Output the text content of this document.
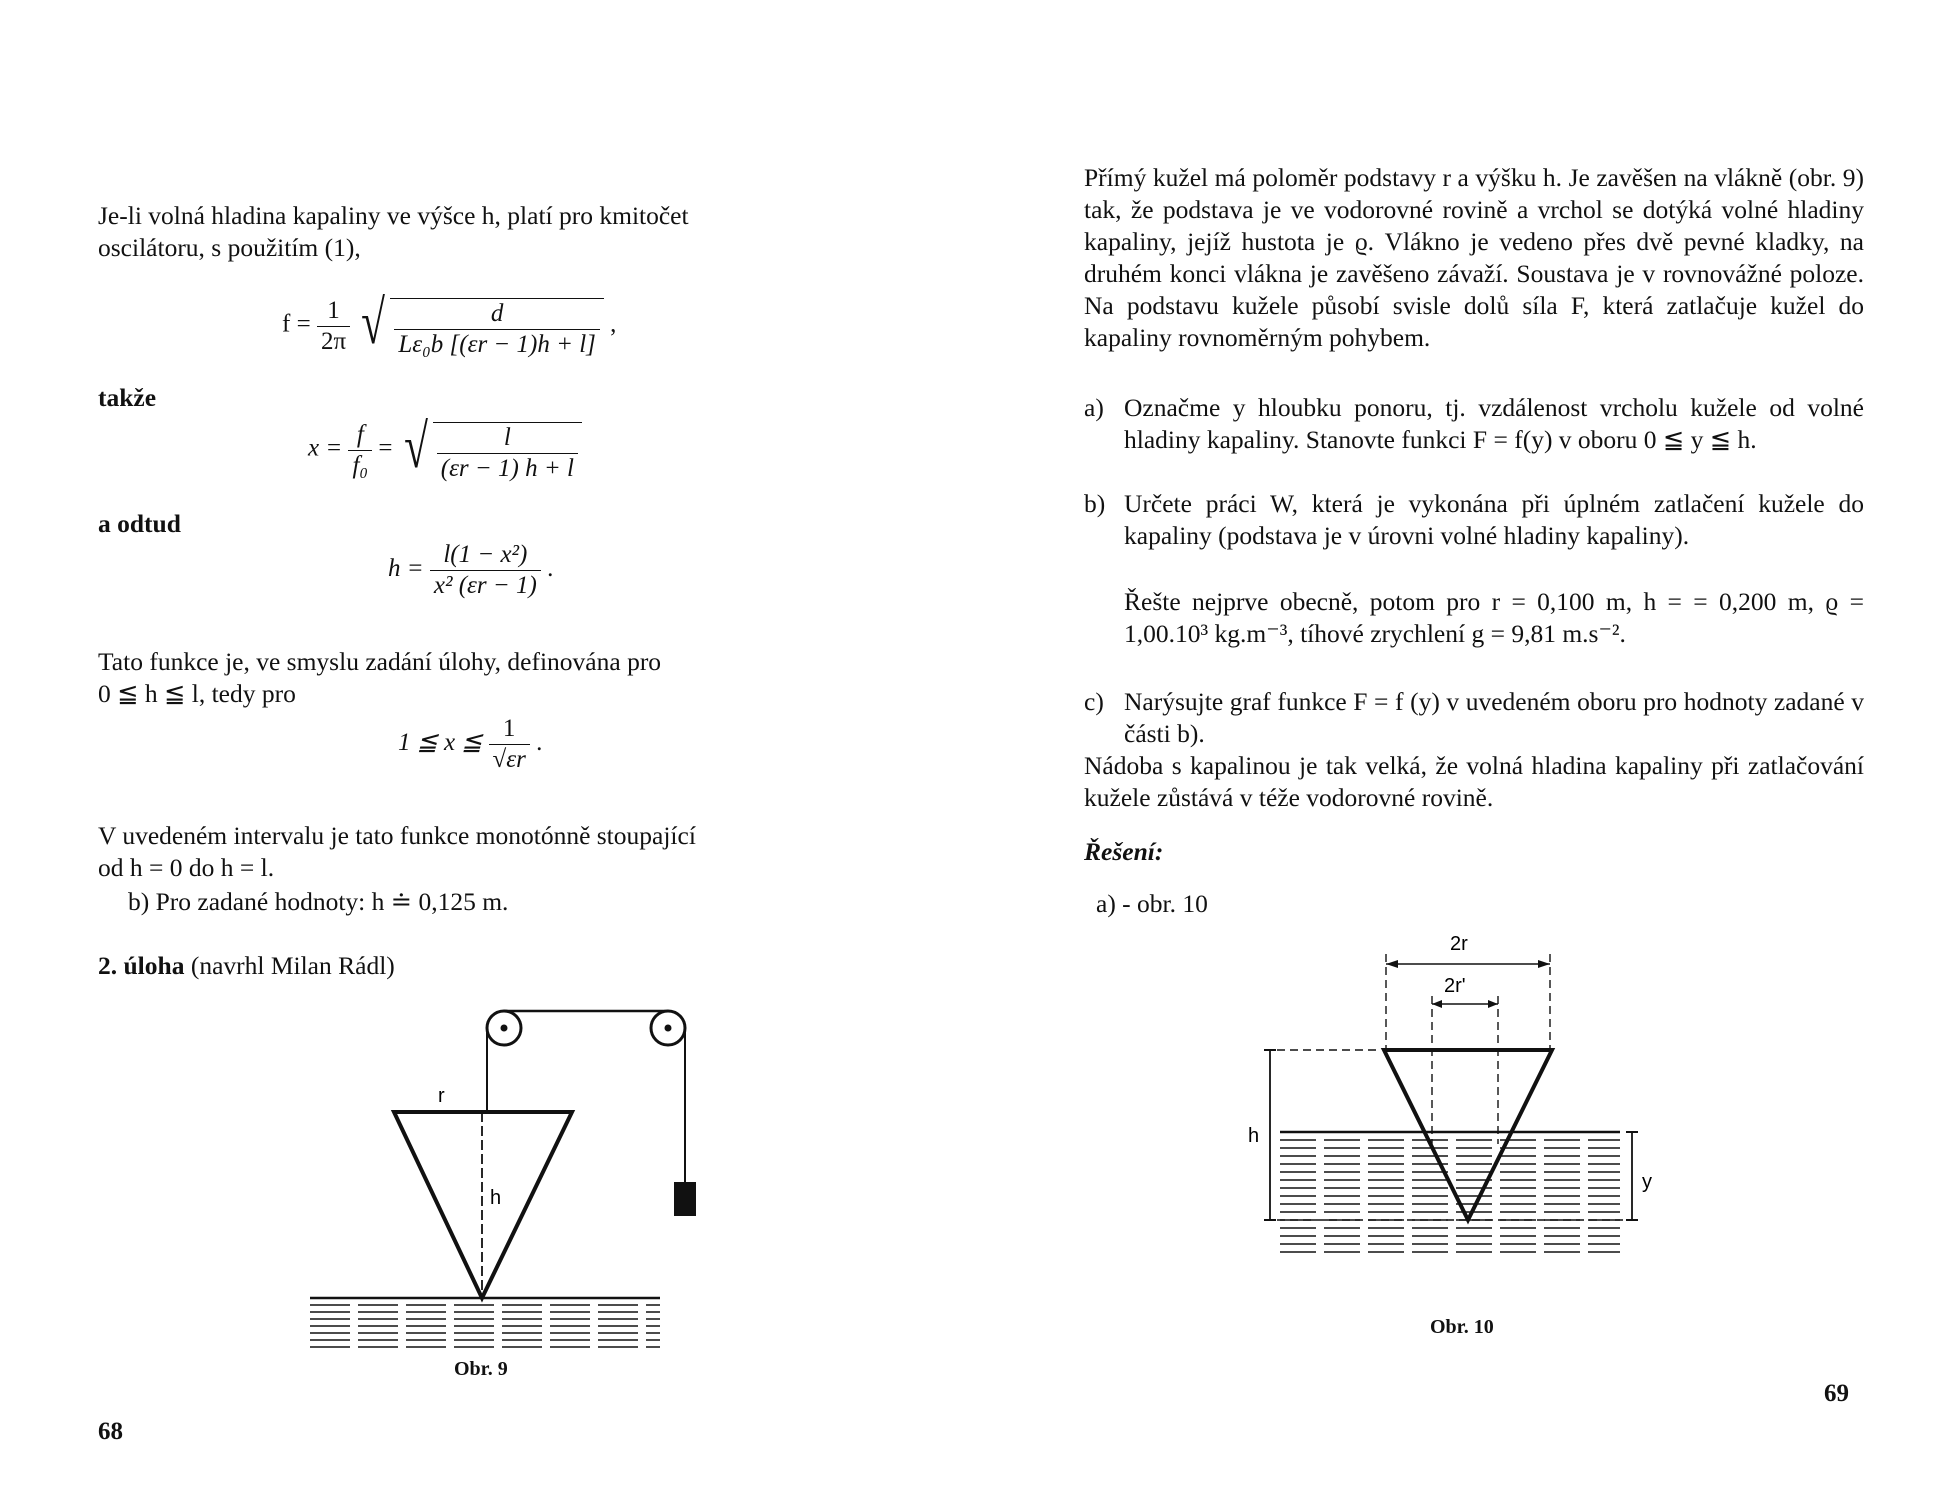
Je-li volná hladina kapaliny ve výšce h, platí pro kmitočet

oscilátoru, s použitím (1),

$f = \frac{1}{2\pi}$
√ $\frac{d}{\text{Lε₀b [(εr − 1)h + l]}}$ ,

takže

$x = \frac{f}{\text{f₀}}$ = √ $\frac{l}{(\varepsilon r - 1) h + l}$

a odtud

$h = \frac{\text{l(1 − x²)}}{\text{x² (εr − 1)}}$ .

Tato funkce je, ve smyslu zadání úlohy, definována pro

0 ≦ h ≦ l, tedy pro

1 ≦ x ≦ $\frac{1}{√\varepsilon r}$ .

V uvedeném intervalu je tato funkce monotónně stoupající

od h = 0 do h = l.

b) Pro zadané hodnoty: h ≐ 0,125 m.

2. úloha (navrhl Milan Rádl)

r
h
Obr. 9
68

Přímý kužel má poloměr podstavy r a výšku h. Je zavěšen na vlákně (obr. 9) tak, že podstava je ve vodorovné rovině a vrchol se dotýká volné hladiny kapaliny, jejíž hustota je ϱ. Vlákno je vedeno přes dvě pevné kladky, na druhém konci vlákna je zavěšeno závaží. Soustava je v rovnovážné poloze. Na podstavu kužele působí svisle dolů síla F, která zatlačuje kužel do kapaliny rovnoměrným pohybem.

a) Označme y hloubku ponoru, tj. vzdálenost vrcholu kužele od volné hladiny kapaliny. Stanovte funkci F = f(y) v oboru 0 ≦ y ≦ h.
b) Určete práci W, která je vykonána při úplném zatlačení kužele do kapaliny (podstava je v úrovni volné hladiny kapaliny).
Řešte nejprve obecně, potom pro r = 0,100 m, h = = 0,200 m, ϱ = 1,00.10³ kg.m⁻³, tíhové zrychlení g = 9,81 m.s⁻².
c) Narýsujte graf funkce F = f (y) v uvedeném oboru pro hodnoty zadané v části b).

Nádoba s kapalinou je tak velká, že volná hladina kapaliny při zatlačování kužele zůstává v téže vodorovné rovině.

Řešení:

a) - obr. 10

2r
2r'
h
y
Obr. 10
69
